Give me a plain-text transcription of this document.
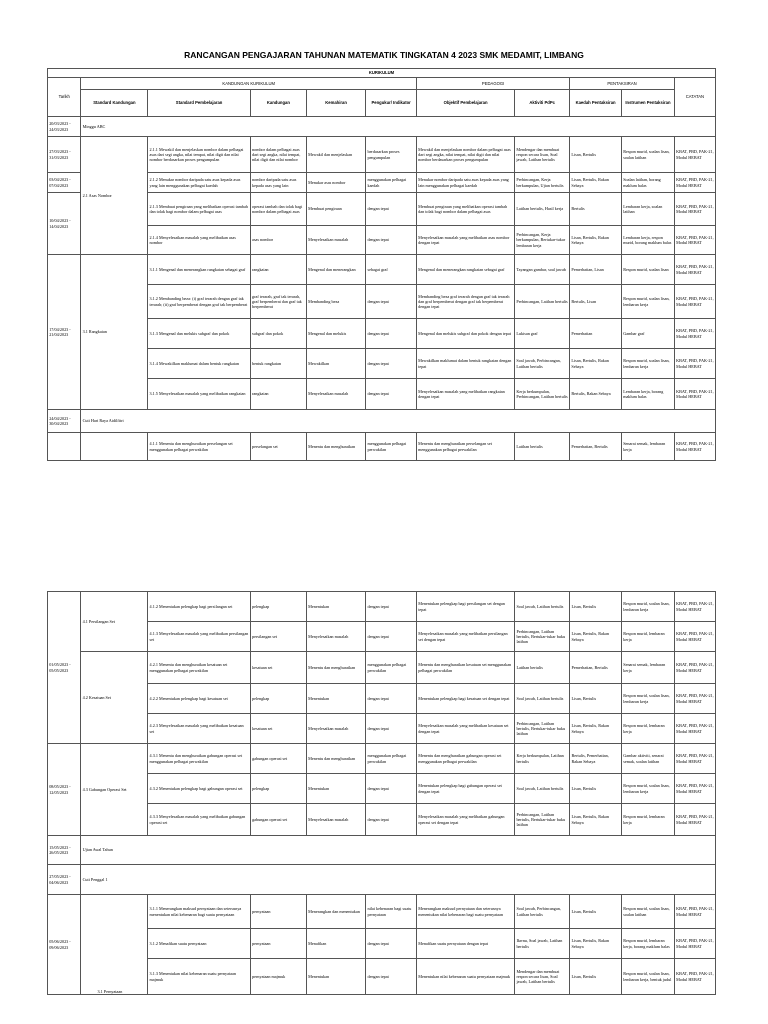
RANCANGAN PENGAJARAN TAHUNAN MATEMATIK TINGKATAN 4 2023 SMK MEDAMIT, LIMBANG
KURIKULUM										
Tarikh	KANDUNGAN KURIKULUM					PEDAGOGI		PENTAKSIRAN		CATATAN
	Standard Kandungan	Standard Pembelajaran	Kandungan	Kemahiran	Pengukur/ Indikator	Objektif Pembelajaran	Aktiviti PdPc	Kaedah Pentaksiran	Instrumen Pentaksiran	
20/03/2023 - 24/03/2023	Minggu ABC									
27/03/2023 - 31/03/2023	2.1 Asas Nombor	2.1.1 Mewakil dan menjelaskan nombor dalam pelbagai asas dari segi angka, nilai tempat, nilai digit dan nilai nombor berdasarkan proses pengumpulan	nombor dalam pelbagai asas dari segi angka, nilai tempat, nilai digit dan nilai nombor	Mewakil dan menjelaskan	berdasarkan proses pengumpulan	Mewakil dan menjelaskan nombor dalam pelbagai asas dari segi angka, nilai tempat, nilai digit dan nilai nombor berdasarkan proses pengumpulan	Mendengar dan membuat respon secara lisan, Soal jawab, Latihan bertulis	Lisan, Bertulis	Respon murid, soalan lisan, soalan latihan	KBAT, PBD, PAK-21, Modul HEBAT
03/04/2023 - 07/04/2023		2.1.2 Menukar nombor daripada satu asas kepada asas yang lain menggunakan pelbagai kaedah	nombor daripada satu asas kepada asas yang lain	Menukar asas nombor	menggunakan pelbagai kaedah	Menukar nombor daripada satu asas kepada asas yang lain menggunakan pelbagai kaedah	Perbincangan, Kerja berkumpulan, Ujian bertulis	Lisan, Bertulis, Rakan Sebaya	Soalan latihan, borang maklum balas	KBAT, PBD, PAK-21, Modul HEBAT
10/04/2023 - 14/04/2023		2.1.3 Membuat pengiraan yang melibatkan operasi tambah dan tolak bagi nombor dalam pelbagai asas	operasi tambah dan tolak bagi nombor dalam pelbagai asas	Membuat pengiraan	dengan tepat	Membuat pengiraan yang melibatkan operasi tambah dan tolak bagi nombor dalam pelbagai asas	Latihan bertulis, Hasil kerja	Bertulis	Lembaran kerja, soalan latihan	KBAT, PBD, PAK-21, Modul HEBAT
		2.1.4 Menyelesaikan masalah yang melibatkan asas nombor	asas nombor	Menyelesaikan masalah	dengan tepat	Menyelesaikan masalah yang melibatkan asas nombor dengan tepat	Perbincangan, Kerja berkumpulan, Bertukar-tukar lembaran kerja	Lisan, Bertulis, Rakan Sebaya	Lembaran kerja, respon murid, borang maklum balas	KBAT, PBD, PAK-21, Modul HEBAT
17/04/2023 - 21/04/2023	3.1 Rangkaian	3.1.1 Mengenal dan menerangkan rangkaian sebagai graf	rangkaian	Mengenal dan menerangkan	sebagai graf	Mengenal dan menerangkan rangkaian sebagai graf	Tayangan gambar, soal jawab	Pemerhatian, Lisan	Respon murid, soalan lisan	KBAT, PBD, PAK-21, Modul HEBAT
		3.1.2 Membanding beza: (i) graf terarah dengan graf tak terarah; (ii) graf berpemberat dengan graf tak berpemberat	graf terarah, graf tak terarah, graf berpemberat dan graf tak berpemberat	Membanding beza	dengan tepat	Membanding beza graf terarah dengan graf tak terarah dan graf berpemberat dengan graf tak berpemberat dengan tepat	Perbincangan, Latihan bertulis	Bertulis, Lisan	Respon murid, soalan lisan, lembaran kerja	KBAT, PBD, PAK-21, Modul HEBAT
		3.1.3 Mengenal dan melukis subgraf dan pokok	subgraf dan pokok	Mengenal dan melukis	dengan tepat	Mengenal dan melukis subgraf dan pokok dengan tepat	Lukisan graf	Pemerhatian	Gambar graf	KBAT, PBD, PAK-21, Modul HEBAT
		3.1.4 Mewakilkan maklumat dalam bentuk rangkaian	bentuk rangkaian	Mewakilkan	dengan tepat	Mewakilkan maklumat dalam bentuk rangkaian dengan tepat	Soal jawab, Perbincangan, Latihan bertulis	Lisan, Bertulis, Rakan Sebaya	Respon murid, soalan lisan, lembaran kerja	KBAT, PBD, PAK-21, Modul HEBAT
		3.1.5 Menyelesaikan masalah yang melibatkan rangkaian	rangkaian	Menyelesaikan masalah	dengan tepat	Menyelesaikan masalah yang melibatkan rangkaian dengan tepat	Kerja berkumpulan, Perbincangan, Latihan bertulis	Bertulis, Rakan Sebaya	Lembaran kerja, borang maklum balas	KBAT, PBD, PAK-21, Modul HEBAT
24/04/2023 - 30/04/2023	Cuti Hari Raya Aidilfitri									
		4.1.1 Menentu dan menghuraikan perselangan set menggunakan pelbagai perwakilan	perselangan set	Menentu dan menghuraikan	menggunakan pelbagai perwakilan	Menentu dan menghuraikan perselangan set menggunakan pelbagai perwakilan	Latihan bertulis	Pemerhatian, Bertulis	Senarai semak, lembaran kerja	KBAT, PBD, PAK-21, Modul HEBAT
01/05/2023 - 05/05/2023	4.1 Persilangan Set	4.1.2 Menentukan pelengkap bagi persilangan set	pelengkap	Menentukan	dengan tepat	Menentukan pelengkap bagi persilangan set dengan tepat	Soal jawab, Latihan bertulis	Lisan, Bertulis	Respon murid, soalan lisan, lembaran kerja	KBAT, PBD, PAK-21, Modul HEBAT
		4.1.3 Menyelesaikan masalah yang melibatkan persilangan set	persilangan set	Menyelesaikan masalah	dengan tepat	Menyelesaikan masalah yang melibatkan persilangan set dengan tepat	Perbincangan, Latihan bertulis, Bertukar-tukar buku latihan	Lisan, Bertulis, Rakan Sebaya	Respon murid, lembaran kerja	KBAT, PBD, PAK-21, Modul HEBAT
	4.2 Kesatuan Set	4.2.1 Menentu dan menghuraikan kesatuan set menggunakan pelbagai perwakilan	kesatuan set	Menentu dan menghuraikan	menggunakan pelbagai perwakilan	Menentu dan menghuraikan kesatuan set menggunakan pelbagai perwakilan	Latihan bertulis	Pemerhatian, Bertulis	Senarai semak, lembaran kerja	KBAT, PBD, PAK-21, Modul HEBAT
		4.2.2 Menentukan pelengkap bagi kesatuan set	pelengkap	Menentukan	dengan tepat	Menentukan pelengkap bagi kesatuan set dengan tepat	Soal jawab, Latihan bertulis	Lisan, Bertulis	Respon murid, soalan lisan, lembaran kerja	KBAT, PBD, PAK-21, Modul HEBAT
		4.2.3 Menyelesaikan masalah yang melibatkan kesatuan set	kesatuan set	Menyelesaikan masalah	dengan tepat	Menyelesaikan masalah yang melibatkan kesatuan set dengan tepat	Perbincangan, Latihan bertulis, Bertukar-tukar buku latihan	Lisan, Bertulis, Rakan Sebaya	Respon murid, lembaran kerja	KBAT, PBD, PAK-21, Modul HEBAT
08/05/2023 - 12/05/2023	4.3 Gabungan Operasi Set	4.3.1 Menentu dan menghuraikan gabungan operasi set menggunakan pelbagai perwakilan	gabungan operasi set	Menentu dan menghuraikan	menggunakan pelbagai perwakilan	Menentu dan menghuraikan gabungan operasi set menggunakan pelbagai perwakilan	Kerja berkumpulan, Latihan bertulis	Bertulis, Pemerhatian, Rakan Sebaya	Gambar aktiviti, senarai semak, soalan latihan	KBAT, PBD, PAK-21, Modul HEBAT
		4.3.2 Menentukan pelengkap bagi gabungan operasi set	pelengkap	Menentukan	dengan tepat	Menentukan pelengkap bagi gabungan operasi set dengan tepat	Soal jawab, Latihan bertulis	Lisan, Bertulis	Respon murid, soalan lisan, lembaran kerja	KBAT, PBD, PAK-21, Modul HEBAT
		4.3.3 Menyelesaikan masalah yang melibatkan gabungan operasi set	gabungan operasi set	Menyelesaikan masalah	dengan tepat	Menyelesaikan masalah yang melibatkan gabungan operasi set dengan tepat	Perbincangan, Latihan bertulis, Bertukar-tukar buku latihan	Lisan, Bertulis, Rakan Sebaya	Respon murid, lembaran kerja	KBAT, PBD, PAK-21, Modul HEBAT
15/05/2023 - 26/05/2023	Ujian Awal Tahun									
27/05/2023 - 04/06/2023	Cuti Penggal 1									
05/06/2023 - 09/06/2023	3.1 Pernyataan	3.1.1 Menerangkan maksud pernyataan dan seterusnya menentukan nilai kebenaran bagi suatu pernyataan	pernyataan	Menerangkan dan menentukan	nilai kebenaran bagi suatu pernyataan	Menerangkan maksud pernyataan dan seterusnya menentukan nilai kebenaran bagi suatu pernyataan	Soal jawab, Perbincangan, Latihan bertulis	Lisan, Bertulis	Respon murid, soalan lisan, soalan latihan	KBAT, PBD, PAK-21, Modul HEBAT
		3.1.2 Menafikan suatu pernyataan	pernyataan	Menafikan	dengan tepat	Menafikan suatu pernyataan dengan tepat	Ikrrnu, Soal jawab, Latihan bertulis	Lisan, Bertulis, Rakan Sebaya	Respon murid, lembaran kerja, borang maklum balas	KBAT, PBD, PAK-21, Modul HEBAT
		3.1.3 Menentukan nilai kebenaran suatu pernyataan majmuk	pernyataan majmuk	Menentukan	dengan tepat	Menentukan nilai kebenaran suatu pernyataan majmuk	Mendengar dan membuat respon secara lisan, Soal jawab, Latihan bertulis	Lisan, Bertulis	Respon murid, soalan lisan, lembaran kerja, bentuk judul	KBAT, PBD, PAK-21, Modul HEBAT
